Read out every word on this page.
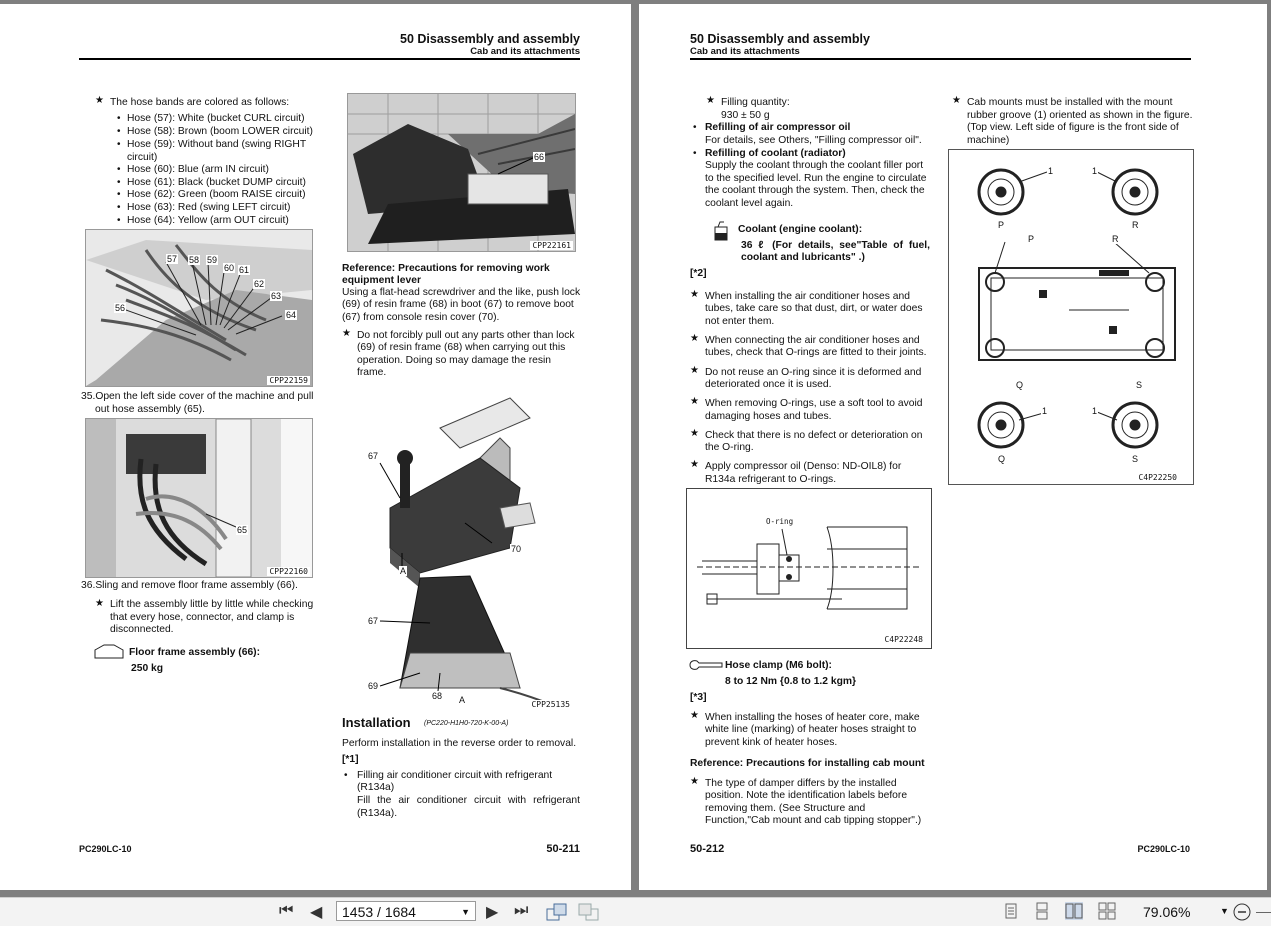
50 Disassembly and assembly
Cab and its attachments
★ The hose bands are colored as follows:
• Hose (57): White (bucket CURL circuit)
• Hose (58): Brown (boom LOWER circuit)
• Hose (59): Without band (swing RIGHT
circuit)
• Hose (60): Blue (arm IN circuit)
• Hose (61): Black (bucket DUMP circuit)
• Hose (62): Green (boom RAISE circuit)
• Hose (63): Red (swing LEFT circuit)
• Hose (64): Yellow (arm OUT circuit)
57 58 59
60 61
62
63
64
56
CPP22159
35.Open the left side cover of the machine and pull
out hose assembly (65).
65
CPP22160
36.Sling and remove floor frame assembly (66).
★ Lift the assembly little by little while checking
that every hose, connector, and clamp is
disconnected.
Floor frame assembly (66):
250 kg
66
CPP22161
Reference: Precautions for removing work
equipment lever
Using a flat-head screwdriver and the like, push lock
(69) of resin frame (68) in boot (67) to remove boot
(67) from console resin cover (70).
★ Do not forcibly pull out any parts other than lock
(69) of resin frame (68) when carrying out this
operation. Doing so may damage the resin
frame.
67
70
A
67
69
68 A	CPP25135
Installation (PC220-H1H0-720-K-00-A)
Perform installation in the reverse order to removal.
[*1]
• Filling air conditioner circuit with refrigerant
(R134a)
Fill the air conditioner circuit with refrigerant
(R134a).
PC290LC-10	50-211
50 Disassembly and assembly
Cab and its attachments
★ Filling quantity:
930 ± 50 g
• Refilling of air compressor oil
For details, see Others, "Filling compressor oil".
• Refilling of coolant (radiator)
Supply the coolant through the coolant filler port
to the specified level. Run the engine to circulate
the coolant through the system. Then, check the
coolant level again.
Coolant (engine coolant):
36 ℓ (For details, see"Table of fuel,
coolant and lubricants" .)
[*2]
★ When installing the air conditioner hoses and
tubes, take care so that dust, dirt, or water does
not enter them.
★ When connecting the air conditioner hoses and
tubes, check that O-rings are fitted to their joints.
★ Do not reuse an O-ring since it is deformed and
deteriorated once it is used.
★ When removing O-rings, use a soft tool to avoid
damaging hoses and tubes.
★ Check that there is no defect or deterioration on
the O-ring.
★ Apply compressor oil (Denso: ND-OIL8) for
R134a refrigerant to O-rings.
O-ring
C4P22248
Hose clamp (M6 bolt):
8 to 12 Nm {0.8 to 1.2 kgm}
[*3]
★ When installing the hoses of heater core, make
white line (marking) of heater hoses straight to
prevent kink of heater hoses.
Reference: Precautions for installing cab mount
★ The type of damper differs by the installed
position. Note the identification labels before
removing them. (See Structure and
Function,"Cab mount and cab tipping stopper".)
★ Cab mounts must be installed with the mount
rubber groove (1) oriented as shown in the figure.
(Top view. Left side of figure is the front side of
machine)
1	1
P	R
P	R
Q	S
1	1
Q	S
C4P22250
50-212	PC290LC-10
⏮ ◀	1453 / 1684	▼ ▶ ⏭	79.06%	▼
